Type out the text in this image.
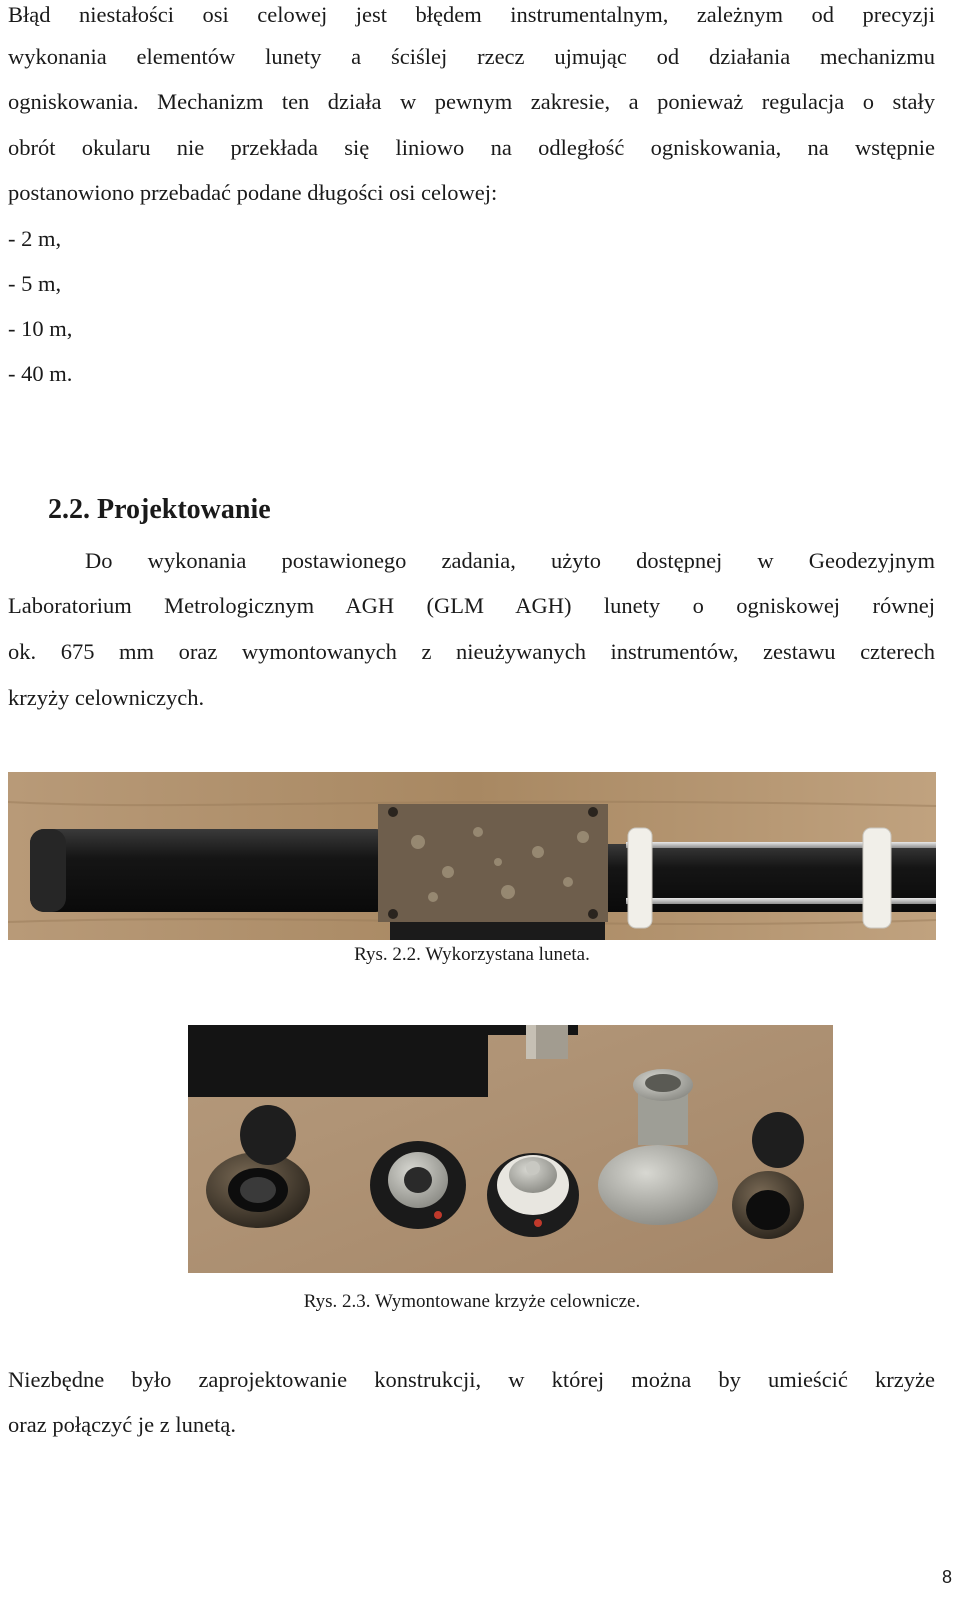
Błąd niestałości osi celowej jest błędem instrumentalnym, zależnym od precyzji
wykonania elementów lunety a ściślej rzecz ujmując od działania mechanizmu
ogniskowania. Mechanizm ten działa w pewnym zakresie, a ponieważ regulacja o stały
obrót okularu nie przekłada się liniowo na odległość ogniskowania, na wstępnie
postanowiono przebadać podane długości osi celowej:
- 2 m,
- 5 m,
- 10 m,
- 40 m.
2.2. Projektowanie
Do wykonania postawionego zadania, użyto dostępnej w Geodezyjnym
Laboratorium Metrologicznym AGH (GLM AGH) lunety o ogniskowej równej
ok. 675 mm oraz wymontowanych z nieużywanych instrumentów, zestawu czterech
krzyży celowniczych.
Rys. 2.2. Wykorzystana luneta.
Rys. 2.3. Wymontowane krzyże celownicze.
Niezbędne było zaprojektowanie konstrukcji, w której można by umieścić krzyże
oraz połączyć je z lunetą.
8
